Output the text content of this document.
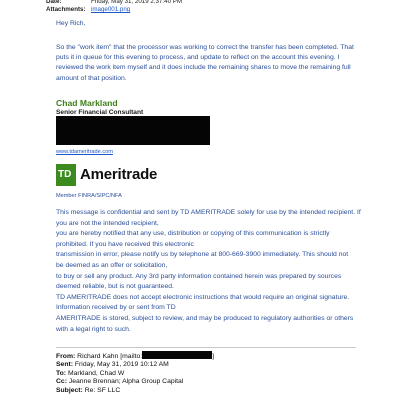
Date:	Friday, May 31, 2019 2:37:40 PM
Attachments: image001.png
Hey Rich,
So the "work item" that the processor was working to correct the transfer has been completed. That puts it in queue for this evening to process, and update to reflect on the account this evening. I reviewed the work item myself and it does include the remaining shares to move the remaining full amount of that position.
Chad Markland
Senior Financial Consultant
www.tdameritrade.com
TD Ameritrade
Member FINRA/SIPC/NFA
This message is confidential and sent by TD AMERITRADE solely for use by the intended recipient. If
you are not the intended recipient,
you are hereby notified that any use, distribution or copying of this communication is strictly
prohibited. If you have received this electronic
transmission in error, please notify us by telephone at 800-669-3900 immediately. This should not
be deemed as an offer or solicitation,
to buy or sell any product. Any 3rd party information contained herein was prepared by sources
deemed reliable, but is not guaranteed.
TD AMERITRADE does not accept electronic instructions that would require an original signature.
Information received by or sent from TD
AMERITRADE is stored, subject to review, and may be produced to regulatory authorities or others
with a legal right to such.
From: Richard Kahn [mailto:	]
Sent: Friday, May 31, 2019 10:12 AM
To: Markland, Chad W
Cc: Jeanne Brennan; Alpha Group Capital
Subject: Re: SF LLC
